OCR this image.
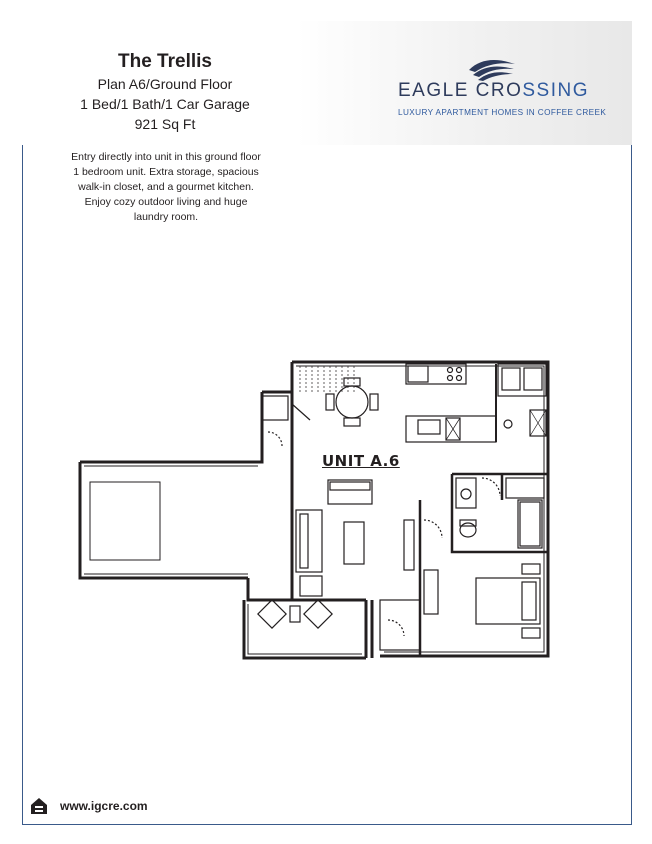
The Trellis
Plan A6/Ground Floor
1 Bed/1 Bath/1 Car Garage
921 Sq Ft
EAGLE CROSSING
LUXURY APARTMENT HOMES IN COFFEE CREEK
Entry directly into unit in this ground floor
1 bedroom unit. Extra storage, spacious
walk-in closet, and a gourmet kitchen.
Enjoy cozy outdoor living and huge
laundry room.
UNIT A.6
www.igcre.com
